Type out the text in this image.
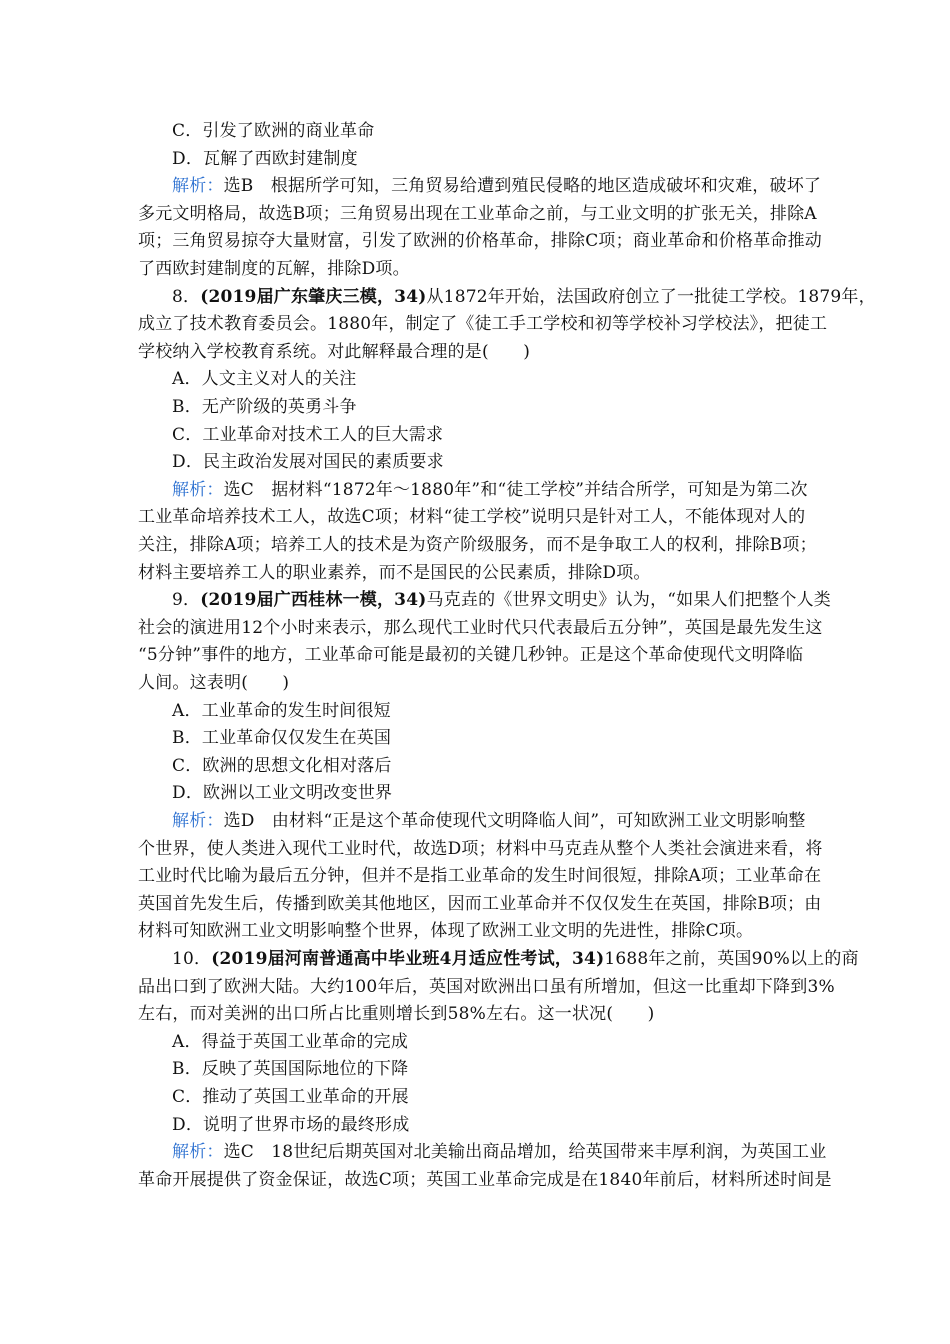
C．引发了欧洲的商业革命
D．瓦解了西欧封建制度
解析：选B　根据所学可知，三角贸易给遭到殖民侵略的地区造成破坏和灾难，破坏了
多元文明格局，故选B项；三角贸易出现在工业革命之前，与工业文明的扩张无关，排除A
项；三角贸易掠夺大量财富，引发了欧洲的价格革命，排除C项；商业革命和价格革命推动
了西欧封建制度的瓦解，排除D项。
8．(2019届广东肇庆三模，34)从1872年开始，法国政府创立了一批徒工学校。1879年，
成立了技术教育委员会。1880年，制定了《徒工手工学校和初等学校补习学校法》，把徒工
学校纳入学校教育系统。对此解释最合理的是(　　)
A．人文主义对人的关注
B．无产阶级的英勇斗争
C．工业革命对技术工人的巨大需求
D．民主政治发展对国民的素质要求
解析：选C　据材料“1872年～1880年”和“徒工学校”并结合所学，可知是为第二次
工业革命培养技术工人，故选C项；材料“徒工学校”说明只是针对工人，不能体现对人的
关注，排除A项；培养工人的技术是为资产阶级服务，而不是争取工人的权利，排除B项；
材料主要培养工人的职业素养，而不是国民的公民素质，排除D项。
9．(2019届广西桂林一模，34)马克垚的《世界文明史》认为，“如果人们把整个人类
社会的演进用12个小时来表示，那么现代工业时代只代表最后五分钟”，英国是最先发生这
“5分钟”事件的地方，工业革命可能是最初的关键几秒钟。正是这个革命使现代文明降临
人间。这表明(　　)
A．工业革命的发生时间很短
B．工业革命仅仅发生在英国
C．欧洲的思想文化相对落后
D．欧洲以工业文明改变世界
解析：选D　由材料“正是这个革命使现代文明降临人间”，可知欧洲工业文明影响整
个世界，使人类进入现代工业时代，故选D项；材料中马克垚从整个人类社会演进来看，将
工业时代比喻为最后五分钟，但并不是指工业革命的发生时间很短，排除A项；工业革命在
英国首先发生后，传播到欧美其他地区，因而工业革命并不仅仅发生在英国，排除B项；由
材料可知欧洲工业文明影响整个世界，体现了欧洲工业文明的先进性，排除C项。
10．(2019届河南普通高中毕业班4月适应性考试，34)1688年之前，英国90%以上的商
品出口到了欧洲大陆。大约100年后，英国对欧洲出口虽有所增加，但这一比重却下降到3%
左右，而对美洲的出口所占比重则增长到58%左右。这一状况(　　)
A．得益于英国工业革命的完成
B．反映了英国国际地位的下降
C．推动了英国工业革命的开展
D．说明了世界市场的最终形成
解析：选C　18世纪后期英国对北美输出商品增加，给英国带来丰厚利润，为英国工业
革命开展提供了资金保证，故选C项；英国工业革命完成是在1840年前后，材料所述时间是
